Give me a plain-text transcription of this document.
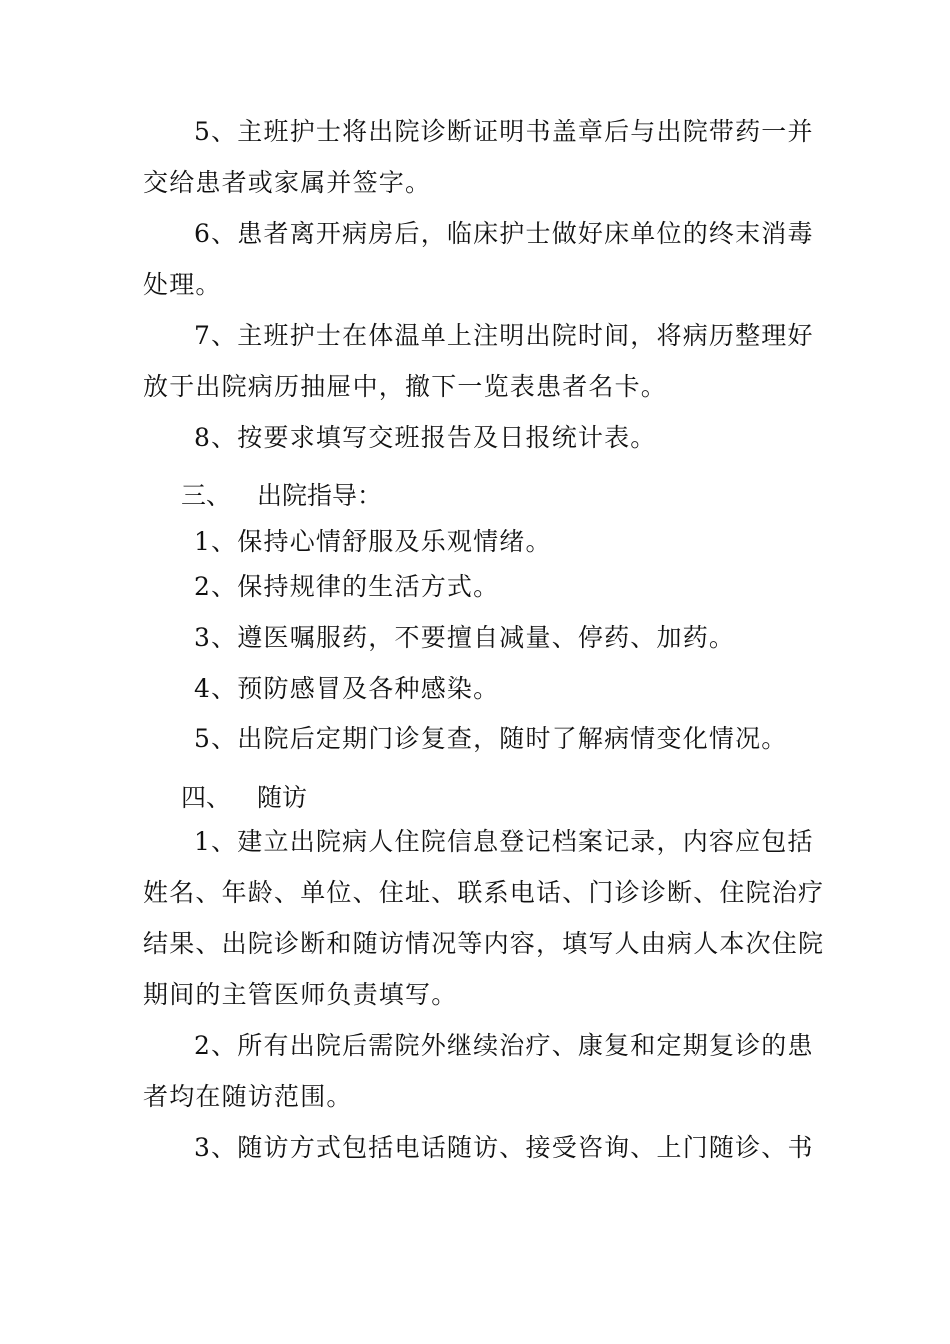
5、主班护士将出院诊断证明书盖章后与出院带药一并
交给患者或家属并签字。
6、患者离开病房后，临床护士做好床单位的终末消毒
处理。
7、主班护士在体温单上注明出院时间，将病历整理好
放于出院病历抽屉中，撤下一览表患者名卡。
8、按要求填写交班报告及日报统计表。
三、 出院指导：
1、保持心情舒服及乐观情绪。
2、保持规律的生活方式。
3、遵医嘱服药，不要擅自减量、停药、加药。
4、预防感冒及各种感染。
5、出院后定期门诊复查，随时了解病情变化情况。
四、 随访
1、建立出院病人住院信息登记档案记录，内容应包括
姓名、年龄、单位、住址、联系电话、门诊诊断、住院治疗
结果、出院诊断和随访情况等内容，填写人由病人本次住院
期间的主管医师负责填写。
2、所有出院后需院外继续治疗、康复和定期复诊的患
者均在随访范围。
3、随访方式包括电话随访、接受咨询、上门随诊、书
